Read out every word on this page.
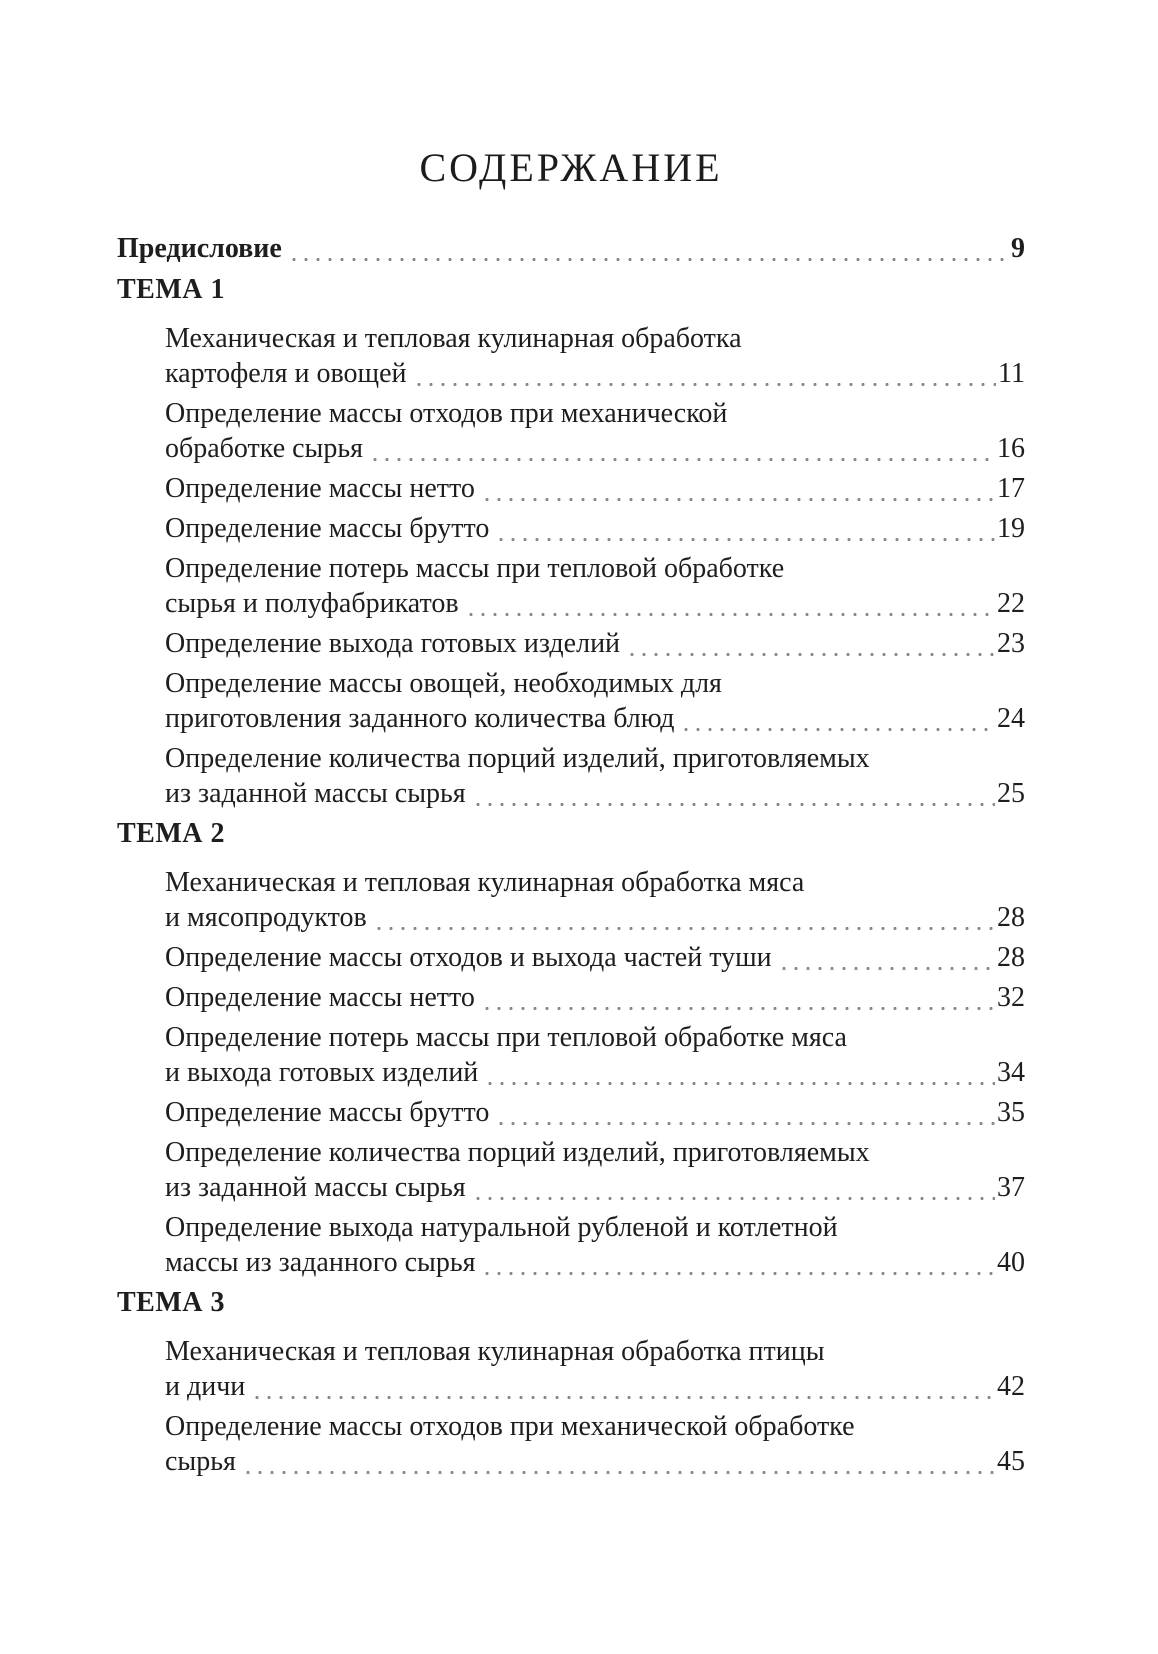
СОДЕРЖАНИЕ
Предисловие	9
ТЕМА 1
Механическая и тепловая кулинарная обработка
картофеля и овощей	11
Определение массы отходов при механической
обработке сырья	16
Определение массы нетто	17
Определение массы брутто	19
Определение потерь массы при тепловой обработке
сырья и полуфабрикатов	22
Определение выхода готовых изделий	23
Определение массы овощей, необходимых для
приготовления заданного количества блюд	24
Определение количества порций изделий, приготовляемых
из заданной массы сырья	25
ТЕМА 2
Механическая и тепловая кулинарная обработка мяса
и мясопродуктов	28
Определение массы отходов и выхода частей туши	28
Определение массы нетто	32
Определение потерь массы при тепловой обработке мяса
и выхода готовых изделий	34
Определение массы брутто	35
Определение количества порций изделий, приготовляемых
из заданной массы сырья	37
Определение выхода натуральной рубленой и котлетной
массы из заданного сырья	40
ТЕМА 3
Механическая и тепловая кулинарная обработка птицы
и дичи	42
Определение массы отходов при механической обработке
сырья	45
